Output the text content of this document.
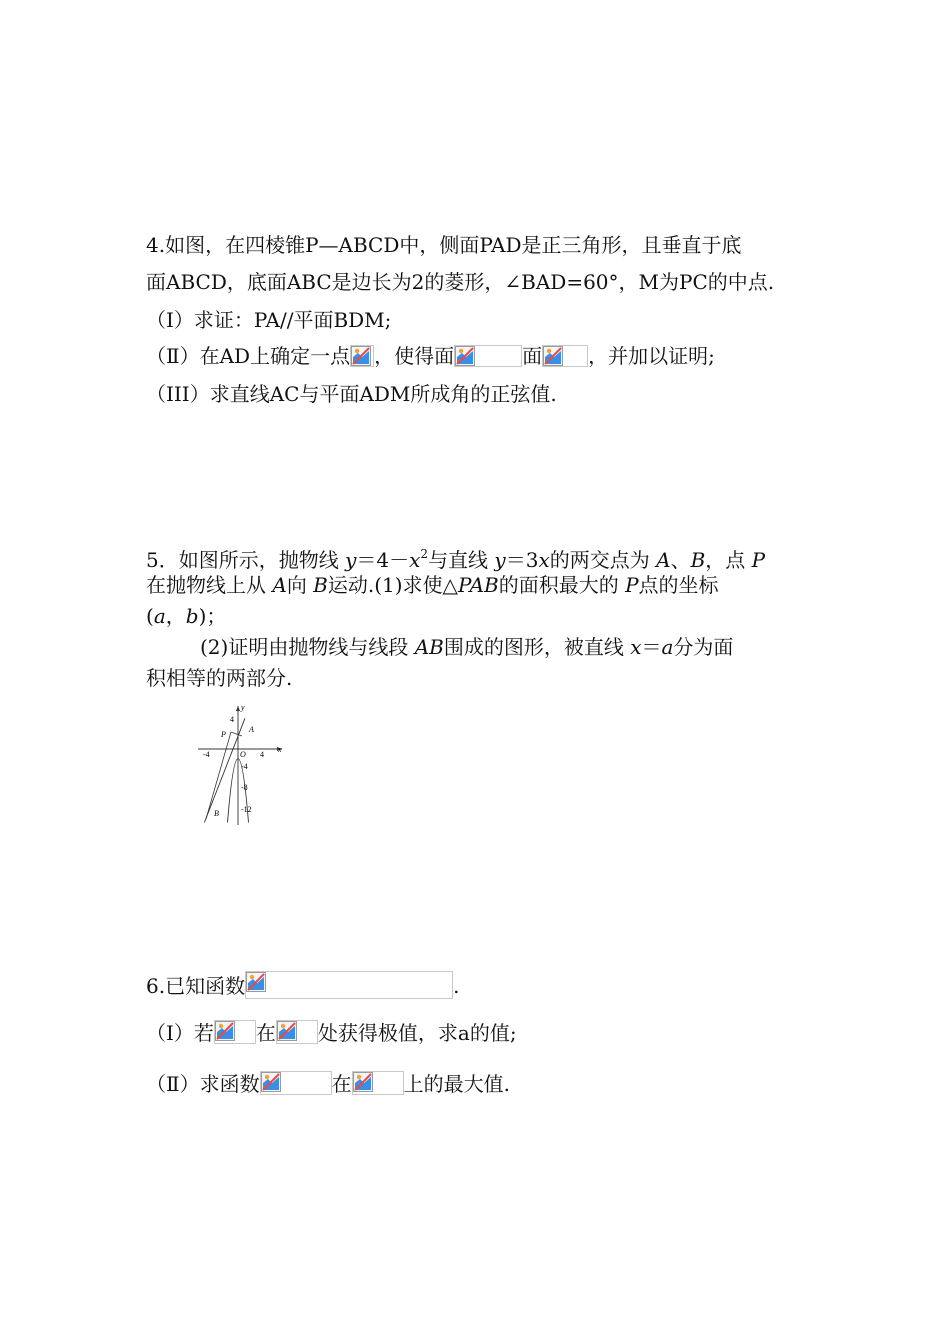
4.如图，在四棱锥P—ABCD中，侧面PAD是正三角形，且垂直于底
面ABCD，底面ABC是边长为2的菱形，∠BAD=60°，M为PC的中点.
（Ⅰ）求证：PA//平面BDM;
（Ⅱ）在AD上确定一点 ，使得面	面 ，并加以证明;
（III）求直线AC与平面ADM所成角的正弦值.
5．如图所示，抛物线 $y=4-x^2$与直线 y＝3x的两交点为 A、B，点 P
在抛物线上从 A向 B运动.(1)求使△PAB的面积最大的 P点的坐标
(a，b)；
(2)证明由抛物线与线段 AB围成的图形，被直线 x＝a分为面
积相等的两部分.
y
x
4
O
-4	4
-4
-8
-12
P
A
B
6.已知函数	.
（Ⅰ）若 在 处获得极值，求a的值;
（Ⅱ）求函数	在	上的最大值.
